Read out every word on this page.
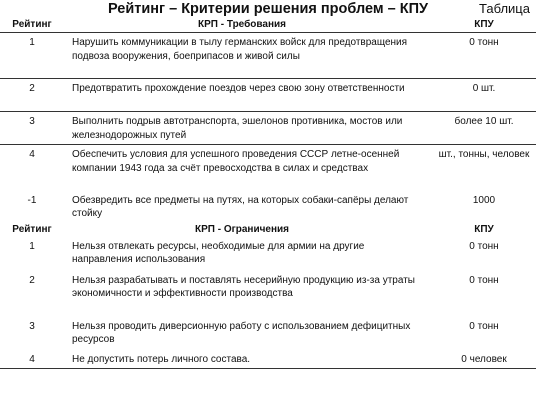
Рейтинг – Критерии решения проблем – КПУ	Таблица
Рейтинг	КРП - Требования	КПУ
1	Нарушить коммуникации в тылу германских войск для предотвращения подвоза вооружения, боеприпасов и живой силы	0 тонн
2	Предотвратить прохождение поездов через свою зону ответственности	0 шт.
3	Выполнить подрыв автотранспорта, эшелонов противника, мостов или железнодорожных путей	более 10 шт.
4	Обеспечить условия для успешного проведения СССР летне-осенней компании 1943 года за счёт превосходства в силах и средствах	шт., тонны, человек
-1	Обезвредить все предметы на путях, на которых собаки-сапёры делают стойку	1000
Рейтинг	КРП - Ограничения	КПУ
1	Нельзя отвлекать ресурсы, необходимые для армии на другие направления использования	0 тонн
2	Нельзя разрабатывать и поставлять несерийную продукцию из-за утраты экономичности и эффективности производства	0 тонн
3	Нельзя проводить диверсионную работу с использованием дефицитных ресурсов	0 тонн
4	Не допустить потерь личного состава.	0 человек
